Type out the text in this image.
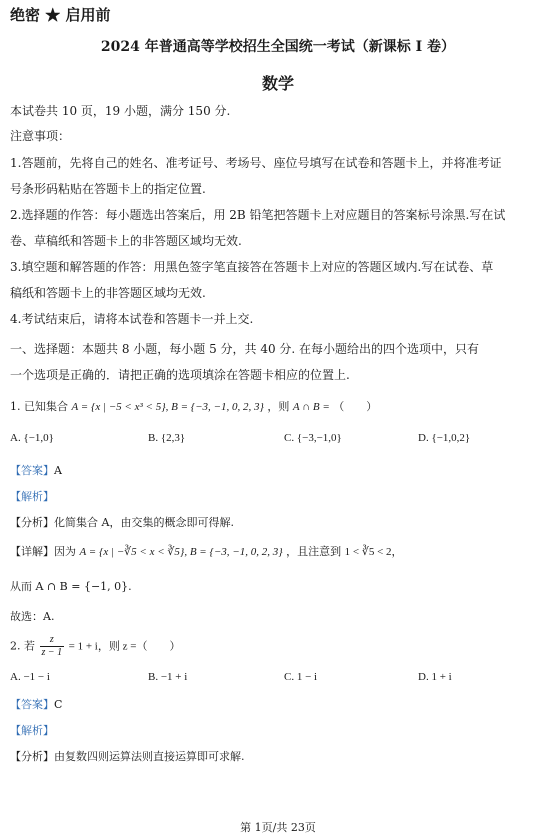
绝密 ★ 启用前
2024 年普通高等学校招生全国统一考试（新课标 I 卷）
数学
本试卷共 10 页，19 小题，满分 150 分.
注意事项：
1.答题前，先将自己的姓名、准考证号、考场号、座位号填写在试卷和答题卡上，并将准考证
号条形码粘贴在答题卡上的指定位置.
2.选择题的作答：每小题选出答案后，用 2B 铅笔把答题卡上对应题目的答案标号涂黑.写在试
卷、草稿纸和答题卡上的非答题区域均无效.
3.填空题和解答题的作答：用黑色签字笔直接答在答题卡上对应的答题区域内.写在试卷、草
稿纸和答题卡上的非答题区域均无效.
4.考试结束后，请将本试卷和答题卡一并上交.
一、选择题：本题共 8 小题，每小题 5 分，共 40 分. 在每小题给出的四个选项中，只有
一个选项是正确的．请把正确的选项填涂在答题卡相应的位置上.
1. 已知集合 A = {x | −5 < x³ < 5}, B = {−3, −1, 0, 2, 3} ，则 A ∩ B = （　　）
A. {−1,0}	B. {2,3}	C. {−3,−1,0}	D. {−1,0,2}
【答案】A
【解析】
【分析】化简集合 A，由交集的概念即可得解.
【详解】因为 A = {x | −∛5 < x < ∛5}, B = {−3, −1, 0, 2, 3} ，且注意到 1 < ∛5 < 2，
从而 A ∩ B = {−1, 0}.
故选：A.
2. 若 $\frac{z}{z - 1} = 1 + i$，则 z =（　　）
A. −1 − i	B. −1 + i	C. 1 − i	D. 1 + i
【答案】C
【解析】
【分析】由复数四则运算法则直接运算即可求解.
第 1页/共 23页
